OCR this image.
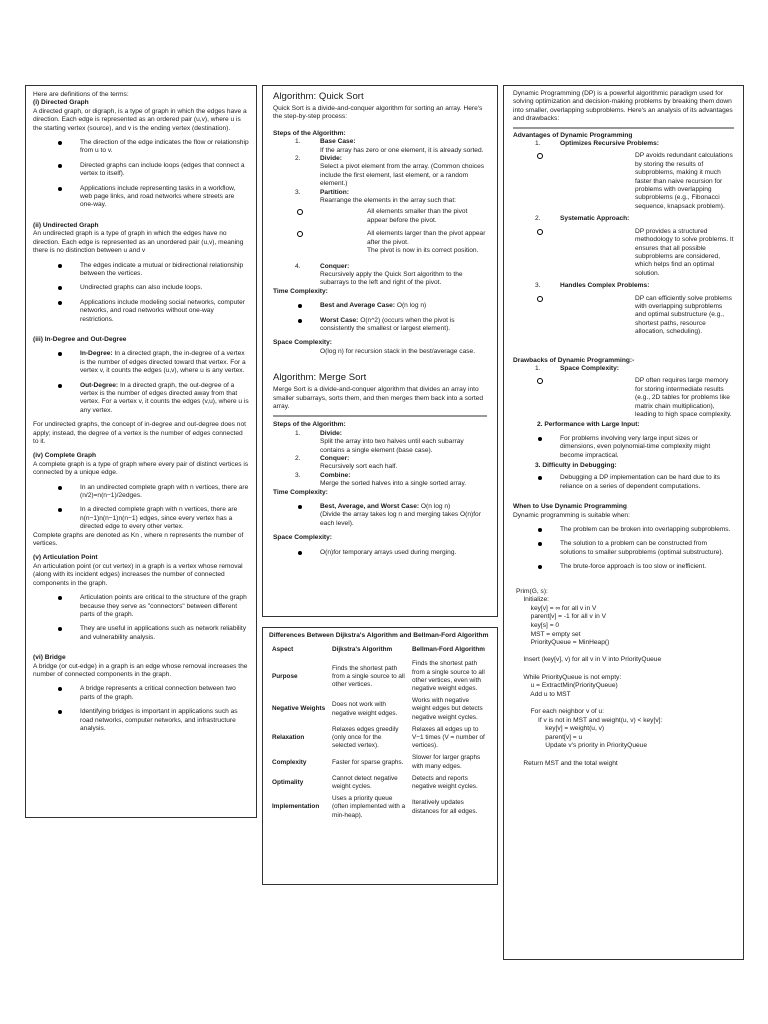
Here are definitions of the terms:

(i) Directed Graph

A directed graph, or digraph, is a type of graph in which the edges have a direction. Each edge is represented as an ordered pair (u,v), where u is the starting vertex (source), and v is the ending vertex (destination).

The direction of the edge indicates the flow or relationship from u to v.

Directed graphs can include loops (edges that connect a vertex to itself).

Applications include representing tasks in a workflow, web page links, and road networks where streets are one-way.

(ii) Undirected Graph

An undirected graph is a type of graph in which the edges have no direction. Each edge is represented as an unordered pair (u,v), meaning there is no distinction between u and v

The edges indicate a mutual or bidirectional relationship between the vertices.

Undirected graphs can also include loops.

Applications include modeling social networks, computer networks, and road networks without one-way restrictions.

(iii) In-Degree and Out-Degree

In-Degree: In a directed graph, the in-degree of a vertex is the number of edges directed toward that vertex. For a vertex v, it counts the edges (u,v), where u is any vertex.

Out-Degree: In a directed graph, the out-degree of a vertex is the number of edges directed away from that vertex. For a vertex v, it counts the edges (v,u), where u is any vertex.

For undirected graphs, the concept of in-degree and out-degree does not apply; instead, the degree of a vertex is the number of edges connected to it.

(iv) Complete Graph

A complete graph is a type of graph where every pair of distinct vertices is connected by a unique edge.

In an undirected complete graph with n vertices, there are (n/2)=n(n−1)/2edges.

In a directed complete graph with n vertices, there are n(n−1)n(n−1)n(n−1) edges, since every vertex has a directed edge to every other vertex.

Complete graphs are denoted as Kn , where n represents the number of vertices.

(v) Articulation Point

An articulation point (or cut vertex) in a graph is a vertex whose removal (along with its incident edges) increases the number of connected components in the graph.

Articulation points are critical to the structure of the graph because they serve as "connectors" between different parts of the graph.

They are useful in applications such as network reliability and vulnerability analysis.

(vi) Bridge

A bridge (or cut-edge) in a graph is an edge whose removal increases the number of connected components in the graph.

A bridge represents a critical connection between two parts of the graph.

Identifying bridges is important in applications such as road networks, computer networks, and infrastructure analysis.

Algorithm: Quick Sort

Quick Sort is a divide-and-conquer algorithm for sorting an array. Here's the step-by-step process:

Steps of the Algorithm:

1.	Base Case:
If the array has zero or one element, it is already sorted.
2.	Divide:
Select a pivot element from the array. (Common choices include the first element, last element, or a random element.)
3.	Partition:
Rearrange the elements in the array such that:

All elements smaller than the pivot appear before the pivot.

All elements larger than the pivot appear after the pivot.
The pivot is now in its correct position.

4.	Conquer:
Recursively apply the Quick Sort algorithm to the subarrays to the left and right of the pivot.

Time Complexity:

Best and Average Case: O(n log n)

Worst Case: O(n^2) (occurs when the pivot is consistently the smallest or largest element).

Space Complexity:

O(log n) for recursion stack in the best/average case.

Algorithm: Merge Sort

Merge Sort is a divide-and-conquer algorithm that divides an array into smaller subarrays, sorts them, and then merges them back into a sorted array.

Steps of the Algorithm:

1.	Divide:
Split the array into two halves until each subarray contains a single element (base case).
2.	Conquer:
Recursively sort each half.
3.	Combine:
Merge the sorted halves into a single sorted array.

Time Complexity:

Best, Average, and Worst Case: O(n log n)
(Divide the array takes log n and merging takes O(n)for each level).

Space Complexity:

O(n)for temporary arrays used during merging.

Differences Between Dijkstra's Algorithm and Bellman-Ford Algorithm

Aspect	Dijkstra's Algorithm	Bellman-Ford Algorithm
Purpose	Finds the shortest path from a single source to all other vertices.	Finds the shortest path from a single source to all other vertices, even with negative weight edges.
Negative Weights	Does not work with negative weight edges.	Works with negative weight edges but detects negative weight cycles.
Relaxation	Relaxes edges greedily (only once for the selected vertex).	Relaxes all edges up to V−1 times (V = number of vertices).
Complexity	Faster for sparse graphs.	Slower for larger graphs with many edges.
Optimality	Cannot detect negative weight cycles.	Detects and reports negative weight cycles.
Implementation	Uses a priority queue (often implemented with a min-heap).	Iteratively updates distances for all edges.

Dynamic Programming (DP) is a powerful algorithmic paradigm used for solving optimization and decision-making problems by breaking them down into smaller, overlapping subproblems. Here's an analysis of its advantages and drawbacks:

Advantages of Dynamic Programming

1.	Optimizes Recursive Problems:

DP avoids redundant calculations by storing the results of subproblems, making it much faster than naive recursion for problems with overlapping subproblems (e.g., Fibonacci sequence, knapsack problem).

2.	Systematic Approach:

DP provides a structured methodology to solve problems. It ensures that all possible subproblems are considered, which helps find an optimal solution.

3.	Handles Complex Problems:

DP can efficiently solve problems with overlapping subproblems and optimal substructure (e.g., shortest paths, resource allocation, scheduling).

Drawbacks of Dynamic Programming:-

1.	Space Complexity:

DP often requires large memory for storing intermediate results (e.g., 2D tables for problems like matrix chain multiplication), leading to high space complexity.

2. Performance with Large Input:

For problems involving very large input sizes or dimensions, even polynomial-time complexity might become impractical.

3. Difficulty in Debugging:

Debugging a DP implementation can be hard due to its reliance on a series of dependent computations.

When to Use Dynamic Programming

Dynamic programming is suitable when:

The problem can be broken into overlapping subproblems.

The solution to a problem can be constructed from solutions to smaller subproblems (optimal substructure).

The brute-force approach is too slow or inefficient.

Prim(G, s):
Initialize:
key[v] = ∞ for all v in V
parent[v] = -1 for all v in V
key[s] = 0
MST = empty set
PriorityQueue = MinHeap()

Insert (key[v], v) for all v in V into PriorityQueue

While PriorityQueue is not empty:
u = ExtractMin(PriorityQueue)
Add u to MST

For each neighbor v of u:
If v is not in MST and weight(u, v) < key[v]:
key[v] = weight(u, v)
parent[v] = u
Update v's priority in PriorityQueue

Return MST and the total weight
